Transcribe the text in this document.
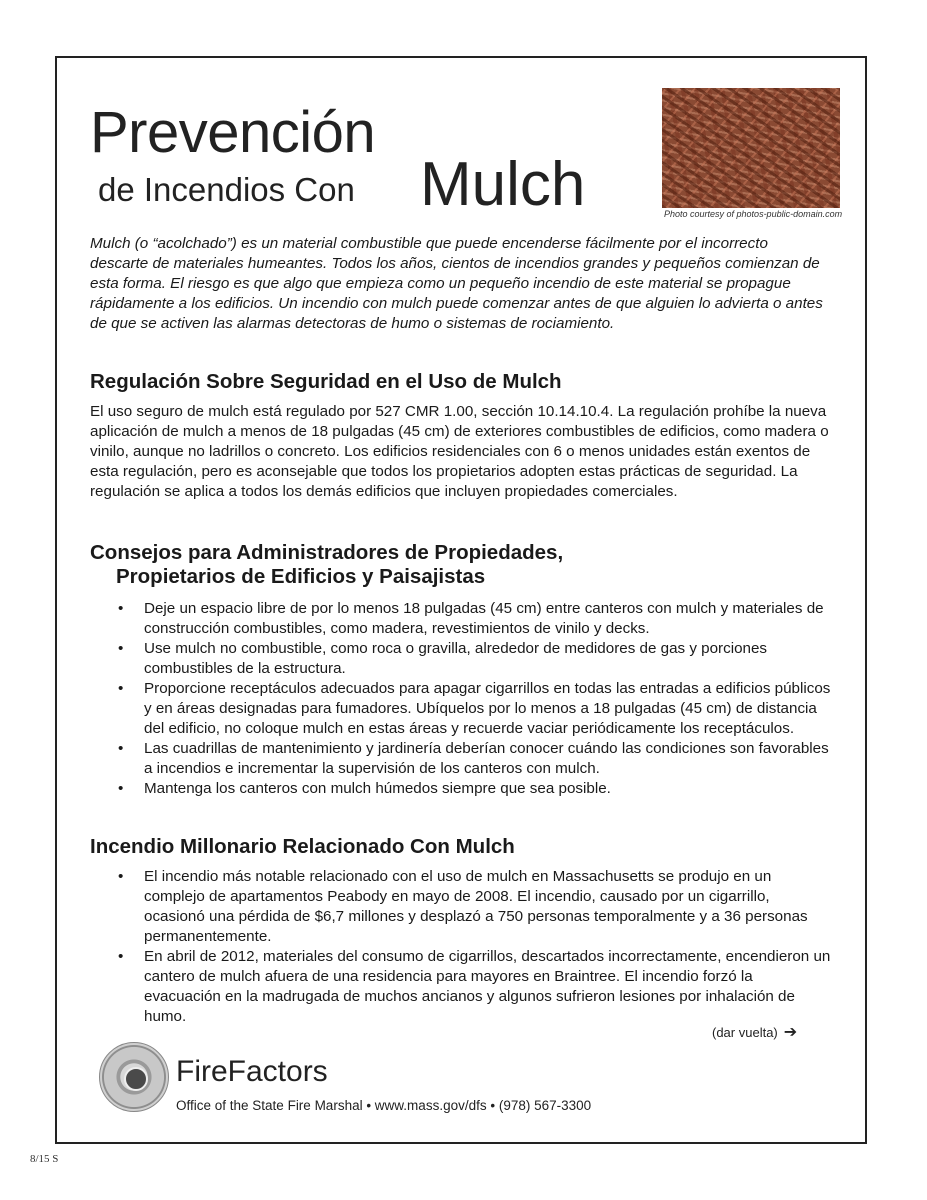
Prevención
de Incendios Con Mulch	Photo courtesy of photos-public-domain.com

Mulch (o “acolchado”) es un material combustible que puede encenderse fácilmente por el incorrecto descarte de materiales humeantes. Todos los años, cientos de incendios grandes y pequeños comienzan de esta forma. El riesgo es que algo que empieza como un pequeño incendio de este material se propague rápidamente a los edificios. Un incendio con mulch puede comenzar antes de que alguien lo advierta o antes de que se activen las alarmas detectoras de humo o sistemas de rociamiento.

Regulación Sobre Seguridad en el Uso de Mulch

El uso seguro de mulch está regulado por 527 CMR 1.00, sección 10.14.10.4. La regulación prohíbe la nueva aplicación de mulch a menos de 18 pulgadas (45 cm) de exteriores combustibles de edificios, como madera o vinilo, aunque no ladrillos o concreto. Los edificios residenciales con 6 o menos unidades están exentos de esta regulación, pero es aconsejable que todos los propietarios adopten estas prácticas de seguridad. La regulación se aplica a todos los demás edificios que incluyen propiedades comerciales.

Consejos para Administradores de Propiedades,
Propietarios de Edificios y Paisajistas
• Deje un espacio libre de por lo menos 18 pulgadas (45 cm) entre canteros con mulch y materiales de construcción combustibles, como madera, revestimientos de vinilo y decks.
• Use mulch no combustible, como roca o gravilla, alrededor de medidores de gas y porciones combustibles de la estructura.
• Proporcione receptáculos adecuados para apagar cigarrillos en todas las entradas a edificios públicos y en áreas designadas para fumadores. Ubíquelos por lo menos a 18 pulgadas (45 cm) de distancia del edificio, no coloque mulch en estas áreas y recuerde vaciar periódicamente los receptáculos.
• Las cuadrillas de mantenimiento y jardinería deberían conocer cuándo las condiciones son favorables a incendios e incrementar la supervisión de los canteros con mulch.
• Mantenga los canteros con mulch húmedos siempre que sea posible.
Incendio Millonario Relacionado Con Mulch
• El incendio más notable relacionado con el uso de mulch en Massachusetts se produjo en un complejo de apartamentos Peabody en mayo de 2008. El incendio, causado por un cigarrillo, ocasionó una pérdida de $6,7 millones y desplazó a 750 personas temporalmente y a 36 personas permanentemente.
• En abril de 2012, materiales del consumo de cigarrillos, descartados incorrectamente, encendieron un cantero de mulch afuera de una residencia para mayores en Braintree. El incendio forzó la evacuación en la madrugada de muchos ancianos y algunos sufrieron lesiones por inhalación de humo.
(dar vuelta) ➔
FireFactors
Office of the State Fire Marshal • www.mass.gov/dfs • (978) 567-3300
8/15 S
